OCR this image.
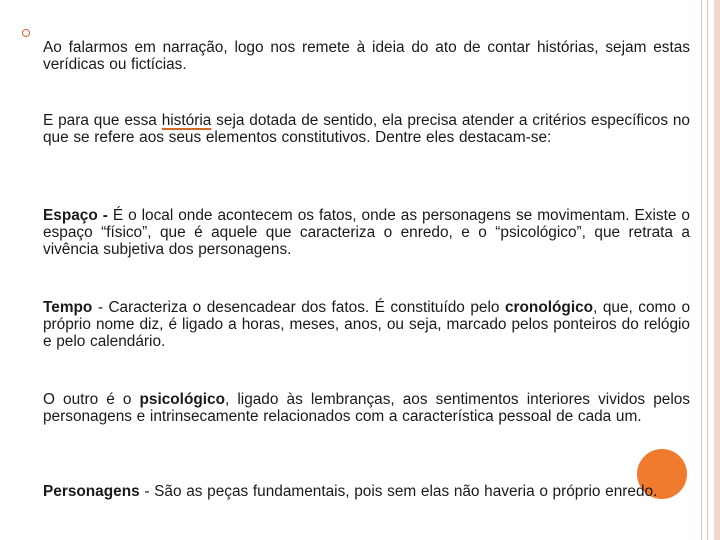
Ao falarmos em narração, logo nos remete à ideia do ato de contar histórias, sejam estas verídicas ou fictícias.

E para que essa história seja dotada de sentido, ela precisa atender a critérios específicos no que se refere aos seus elementos constitutivos. Dentre eles destacam-se:

Espaço - É o local onde acontecem os fatos, onde as personagens se movimentam. Existe o espaço “físico”, que é aquele que caracteriza o enredo, e o “psicológico”, que retrata a vivência subjetiva dos personagens.

Tempo - Caracteriza o desencadear dos fatos. É constituído pelo cronológico, que, como o próprio nome diz, é ligado a horas, meses, anos, ou seja, marcado pelos ponteiros do relógio e pelo calendário.

O outro é o psicológico, ligado às lembranças, aos sentimentos interiores vividos pelos personagens e intrinsecamente relacionados com a característica pessoal de cada um.

Personagens - São as peças fundamentais, pois sem elas não haveria o próprio enredo.
